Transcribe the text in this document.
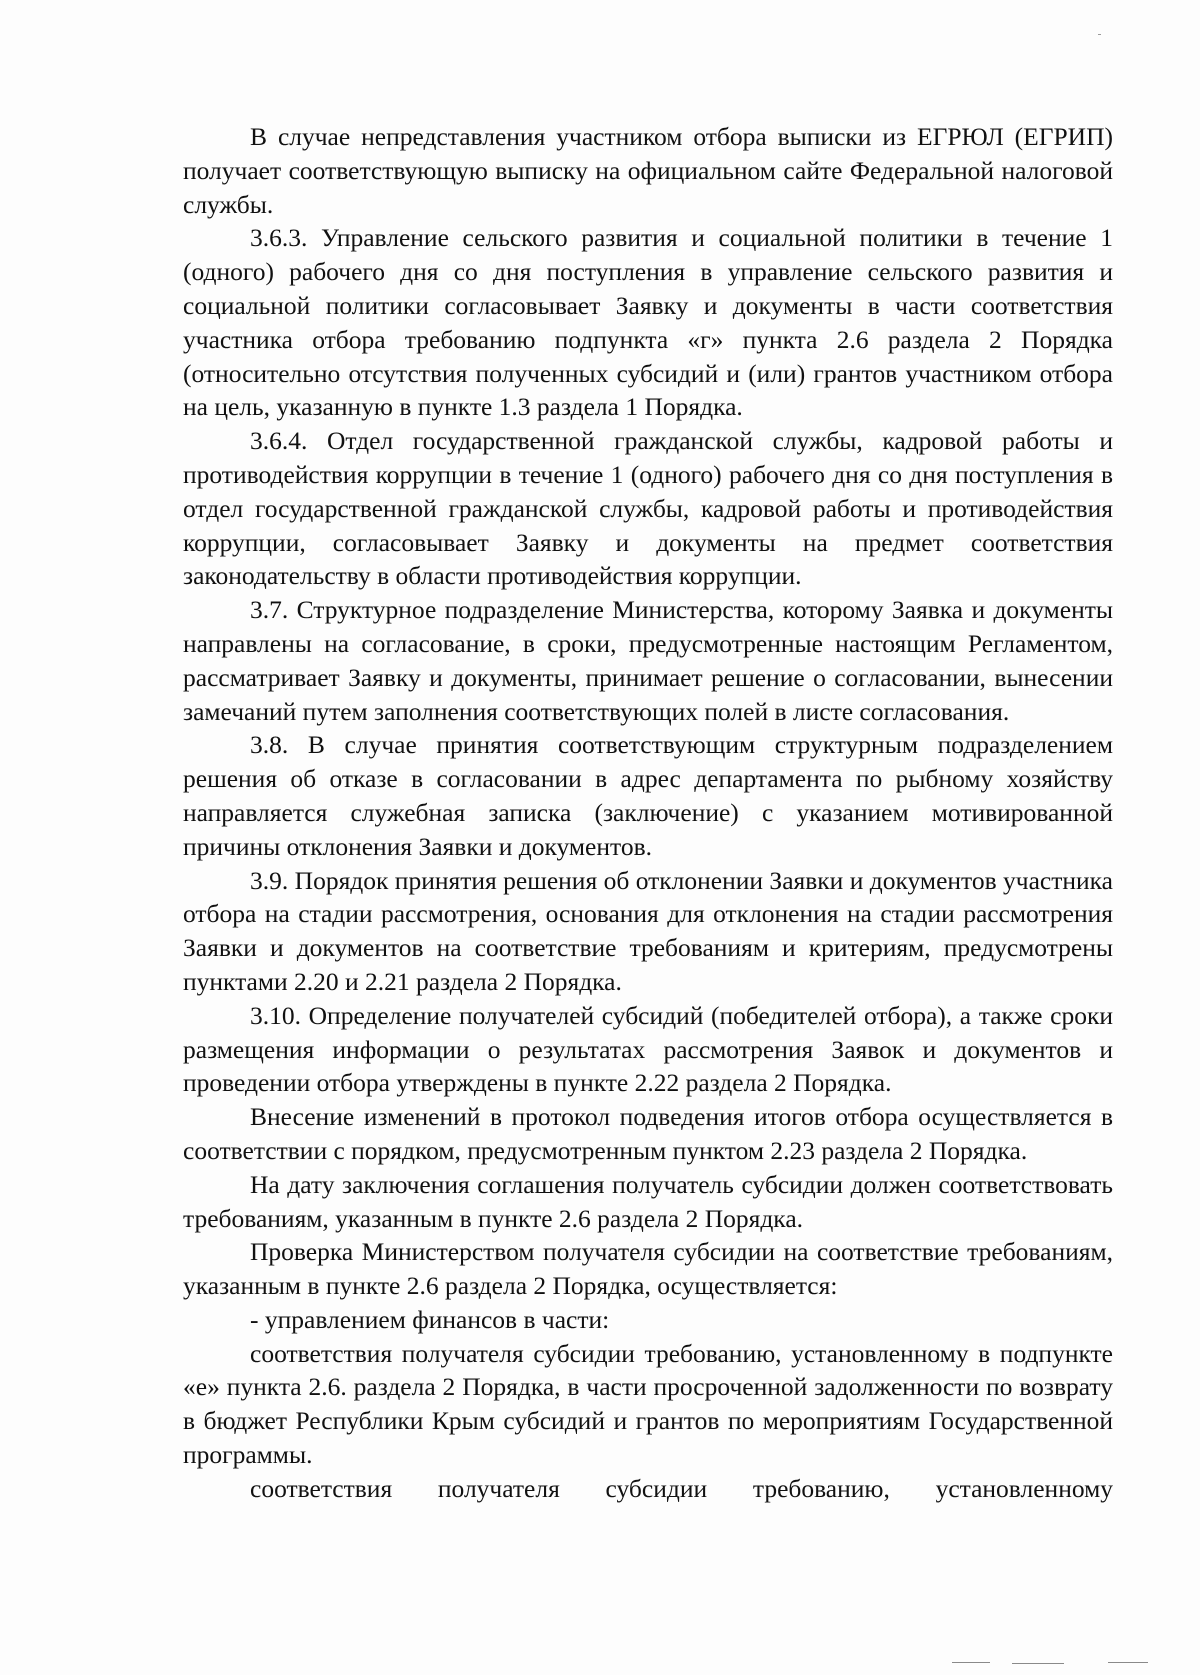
В случае непредставления участником отбора выписки из ЕГРЮЛ (ЕГРИП) получает соответствующую выписку на официальном сайте Федеральной налоговой службы.

3.6.3. Управление сельского развития и социальной политики в течение 1 (одного) рабочего дня со дня поступления в управление сельского развития и социальной политики согласовывает Заявку и документы в части соответствия участника отбора требованию подпункта «г» пункта 2.6 раздела 2 Порядка (относительно отсутствия полученных субсидий и (или) грантов участником отбора на цель, указанную в пункте 1.3 раздела 1 Порядка.

3.6.4. Отдел государственной гражданской службы, кадровой работы и противодействия коррупции в течение 1 (одного) рабочего дня со дня поступления в отдел государственной гражданской службы, кадровой работы и противодействия коррупции, согласовывает Заявку и документы на предмет соответствия законодательству в области противодействия коррупции.

3.7. Структурное подразделение Министерства, которому Заявка и документы направлены на согласование, в сроки, предусмотренные настоящим Регламентом, рассматривает Заявку и документы, принимает решение о согласовании, вынесении замечаний путем заполнения соответствующих полей в листе согласования.

3.8. В случае принятия соответствующим структурным подразделением решения об отказе в согласовании в адрес департамента по рыбному хозяйству направляется служебная записка (заключение) с указанием мотивированной причины отклонения Заявки и документов.

3.9. Порядок принятия решения об отклонении Заявки и документов участника отбора на стадии рассмотрения, основания для отклонения на стадии рассмотрения Заявки и документов на соответствие требованиям и критериям, предусмотрены пунктами 2.20 и 2.21 раздела 2 Порядка.

3.10. Определение получателей субсидий (победителей отбора), а также сроки размещения информации о результатах рассмотрения Заявок и документов и проведении отбора утверждены в пункте 2.22 раздела 2 Порядка.

Внесение изменений в протокол подведения итогов отбора осуществляется в соответствии с порядком, предусмотренным пунктом 2.23 раздела 2 Порядка.

На дату заключения соглашения получатель субсидии должен соответствовать требованиям, указанным в пункте 2.6 раздела 2 Порядка.

Проверка Министерством получателя субсидии на соответствие требованиям, указанным в пункте 2.6 раздела 2 Порядка, осуществляется:

- управлением финансов в части:

соответствия получателя субсидии требованию, установленному в подпункте «е» пункта 2.6. раздела 2 Порядка, в части просроченной задолженности по возврату в бюджет Республики Крым субсидий и грантов по мероприятиям Государственной программы.

соответствия получателя субсидии требованию, установленному
